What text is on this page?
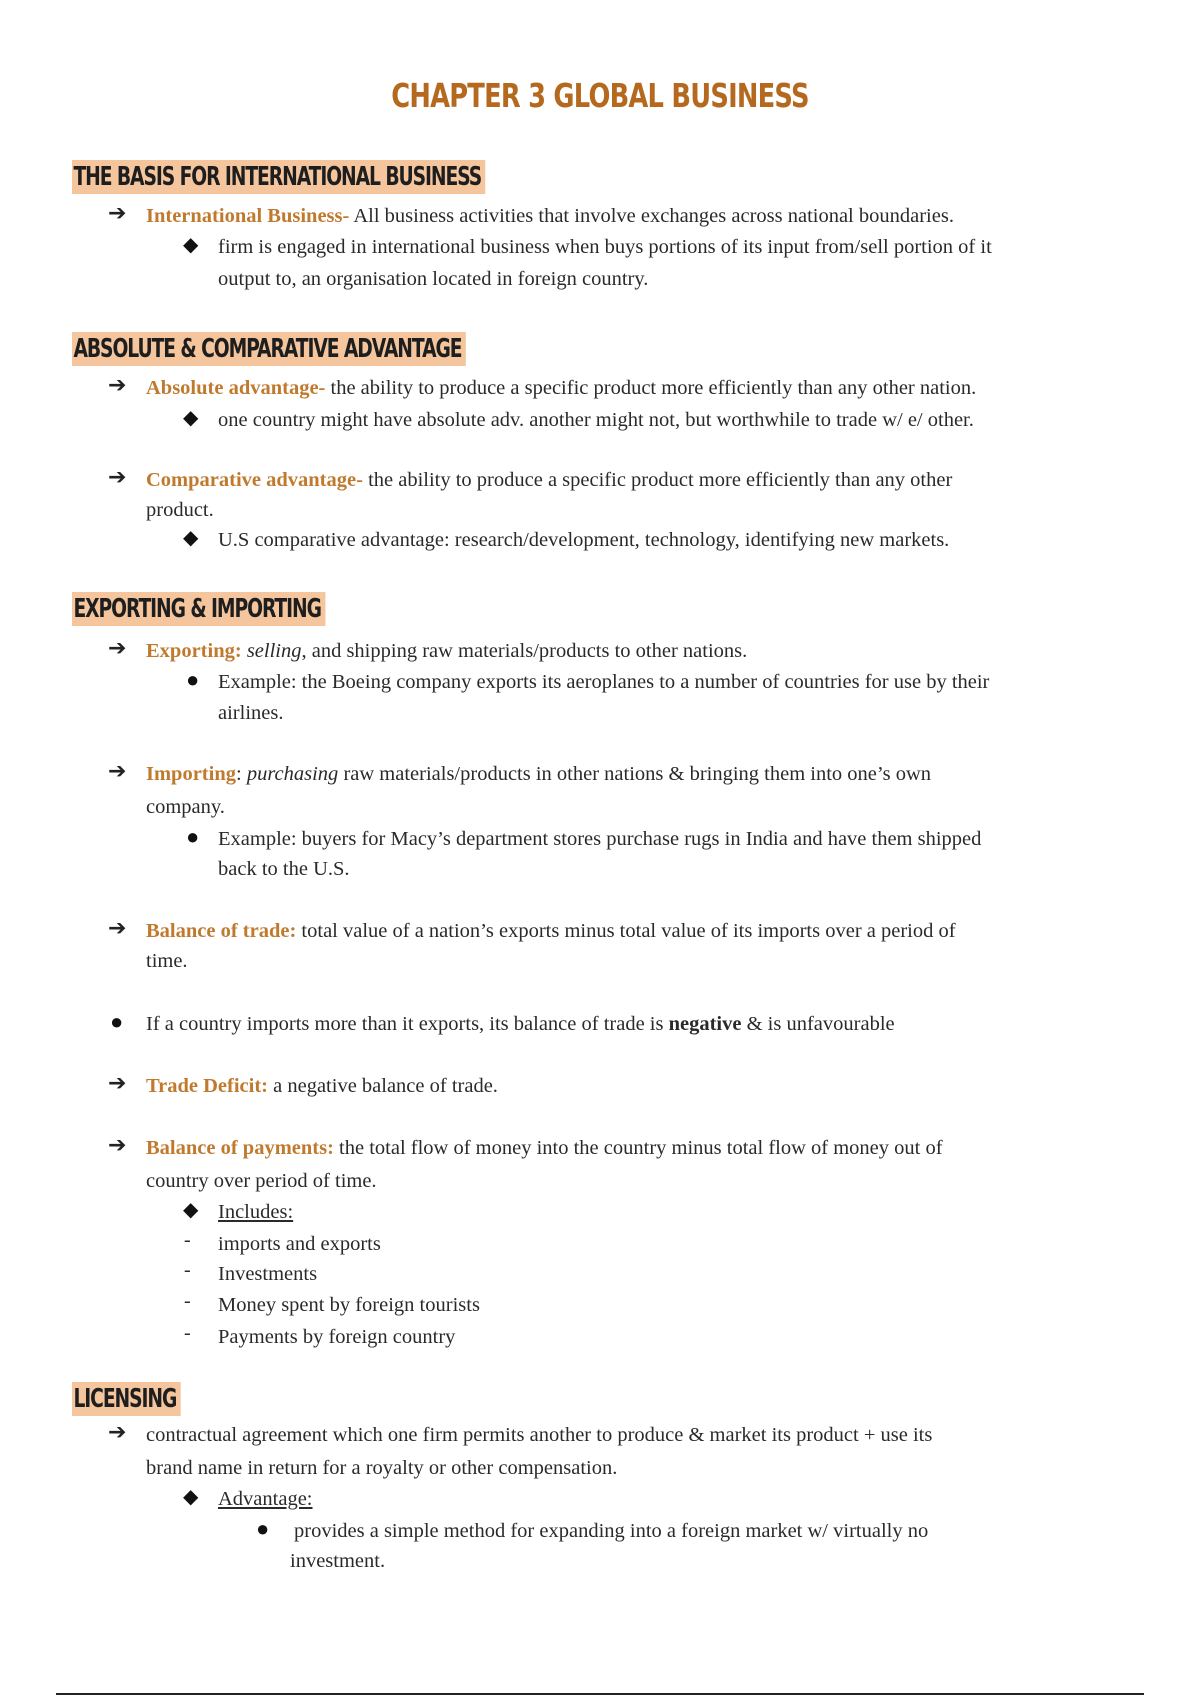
CHAPTER 3 GLOBAL BUSINESS
THE BASIS FOR INTERNATIONAL BUSINESS
➔ International Business- All business activities that involve exchanges across national boundaries.
◆ firm is engaged in international business when buys portions of its input from/sell portion of it
output to, an organisation located in foreign country.
ABSOLUTE & COMPARATIVE ADVANTAGE
➔ Absolute advantage- the ability to produce a specific product more efficiently than any other nation.
◆ one country might have absolute adv. another might not, but worthwhile to trade w/ e/ other.
➔ Comparative advantage- the ability to produce a specific product more efficiently than any other
product.
◆ U.S comparative advantage: research/development, technology, identifying new markets.
EXPORTING & IMPORTING
➔ Exporting: selling, and shipping raw materials/products to other nations.
● Example: the Boeing company exports its aeroplanes to a number of countries for use by their
airlines.
➔ Importing: purchasing raw materials/products in other nations & bringing them into one’s own
company.
● Example: buyers for Macy’s department stores purchase rugs in India and have them shipped
back to the U.S.
➔ Balance of trade: total value of a nation’s exports minus total value of its imports over a period of
time.
● If a country imports more than it exports, its balance of trade is negative & is unfavourable
➔ Trade Deficit: a negative balance of trade.
➔ Balance of payments: the total flow of money into the country minus total flow of money out of
country over period of time.
◆ Includes:
- imports and exports
- Investments
- Money spent by foreign tourists
- Payments by foreign country
LICENSING
➔ contractual agreement which one firm permits another to produce & market its product + use its
brand name in return for a royalty or other compensation.
◆ Advantage:
● provides a simple method for expanding into a foreign market w/ virtually no
investment.
